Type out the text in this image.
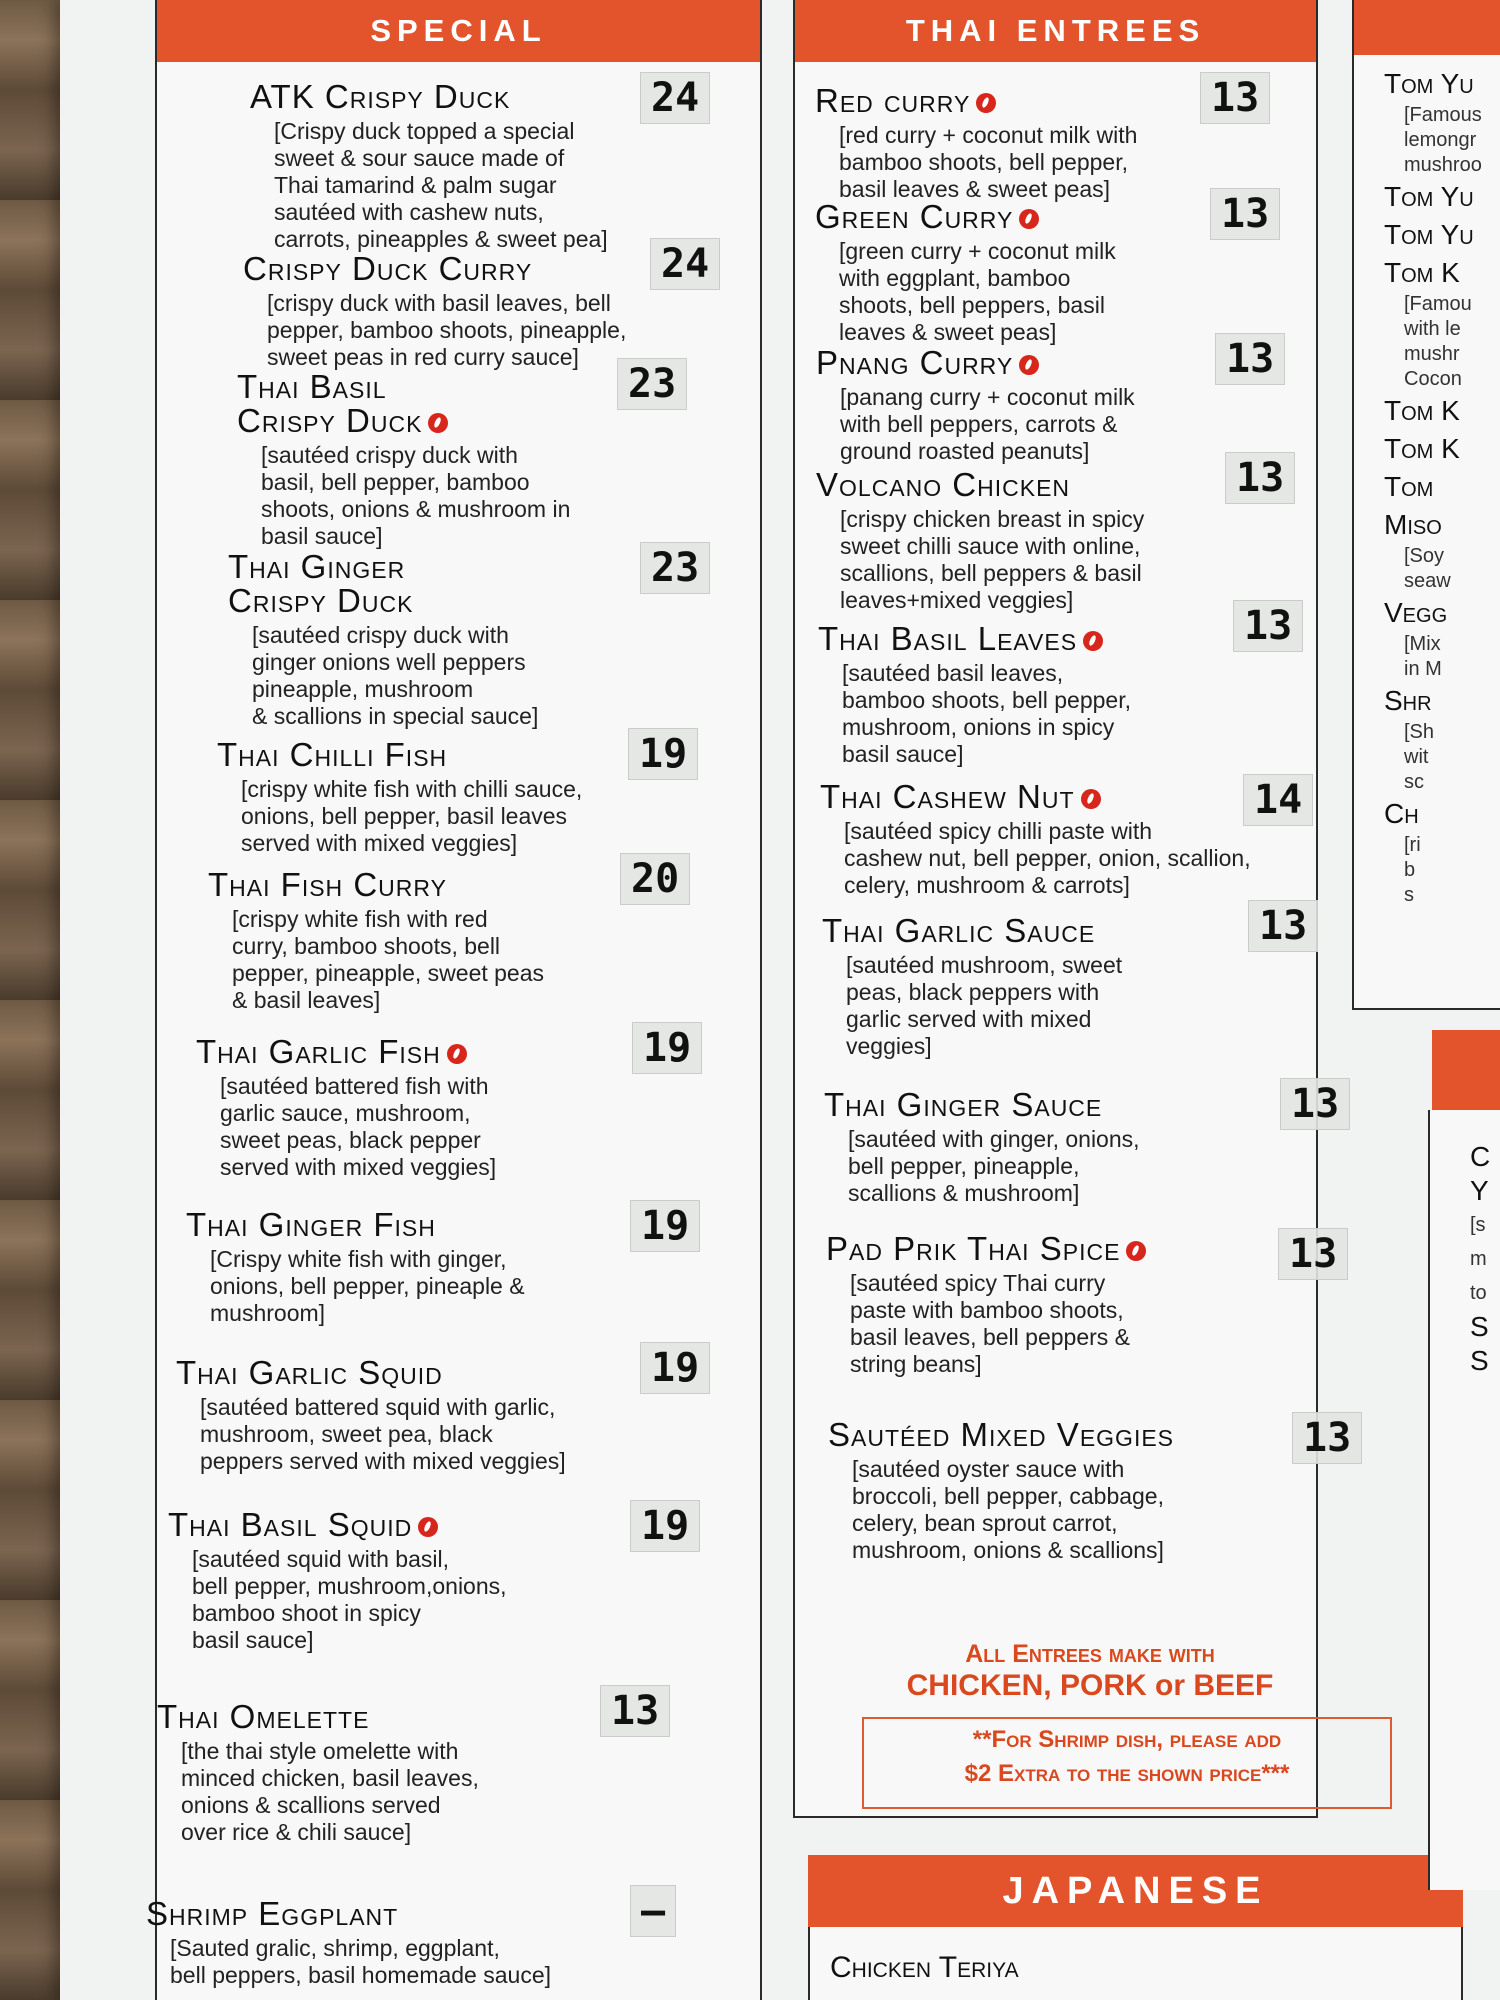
SPECIAL	THAI ENTREES
JAPANESE
Chicken Teriya
Tom Yu
[Famous
lemongr
mushroo
Tom Yu
Tom Yu
Tom K
[Famou
with le
mushr
Cocon
Tom K
Tom K
Tom
Miso
[Soy
seaw
Vegg
[Mix
in M
Shr
[Sh
wit
sc
Ch
[ri
b
s
C
Y
[s
m
to
S
S
ATK Crispy Duck
[Crispy duck topped a special
sweet & sour sauce made of
Thai tamarind & palm sugar
sautéed with cashew nuts,
carrots, pineapples & sweet pea]
24
Crispy Duck Curry
[crispy duck with basil leaves, bell
pepper, bamboo shoots, pineapple,
sweet peas in red curry sauce]
24
Thai Basil
Crispy Duck
[sautéed crispy duck with
basil, bell pepper, bamboo
shoots, onions & mushroom in
basil sauce]
23
Thai Ginger
Crispy Duck
[sautéed crispy duck with
ginger onions well peppers
pineapple, mushroom
& scallions in special sauce]
23
Thai Chilli Fish
[crispy white fish with chilli sauce,
onions, bell pepper, basil leaves
served with mixed veggies]
19
Thai Fish Curry
[crispy white fish with red
curry, bamboo shoots, bell
pepper, pineapple, sweet peas
& basil leaves]
20
Thai Garlic Fish
[sautéed battered fish with
garlic sauce, mushroom,
sweet peas, black pepper
served with mixed veggies]
19
Thai Ginger Fish
[Crispy white fish with ginger,
onions, bell pepper, pineaple &
mushroom]
19
Thai Garlic Squid
[sautéed battered squid with garlic,
mushroom, sweet pea, black
peppers served with mixed veggies]
19
Thai Basil Squid
[sautéed squid with basil,
bell pepper, mushroom,onions,
bamboo shoot in spicy
basil sauce]
19
Thai Omelette
[the thai style omelette with
minced chicken, basil leaves,
onions & scallions served
over rice & chili sauce]
13
Shrimp Eggplant
[Sauted gralic, shrimp, eggplant,
bell peppers, basil homemade sauce]
—
Red curry
[red curry + coconut milk with
bamboo shoots, bell pepper,
basil leaves & sweet peas]
13
Green Curry
[green curry + coconut milk
with eggplant, bamboo
shoots, bell peppers, basil
leaves & sweet peas]
13
Pnang Curry
[panang curry + coconut milk
with bell peppers, carrots &
ground roasted peanuts]
13
Volcano Chicken
[crispy chicken breast in spicy
sweet chilli sauce with online,
scallions, bell peppers & basil
leaves+mixed veggies]
13
Thai Basil Leaves
[sautéed basil leaves,
bamboo shoots, bell pepper,
mushroom, onions in spicy
basil sauce]
13
Thai Cashew Nut
[sautéed spicy chilli paste with
cashew nut, bell pepper, onion, scallion,
celery, mushroom & carrots]
14
Thai Garlic Sauce
[sautéed mushroom, sweet
peas, black peppers with
garlic served with mixed
veggies]
13
Thai Ginger Sauce
[sautéed with ginger, onions,
bell pepper, pineapple,
scallions & mushroom]
13
Pad Prik Thai Spice
[sautéed spicy Thai curry
paste with bamboo shoots,
basil leaves, bell peppers &
string beans]
13
Sautéed Mixed Veggies
[sautéed oyster sauce with
broccoli, bell pepper, cabbage,
celery, bean sprout carrot,
mushroom, onions & scallions]
13
All Entrees make with
CHICKEN, PORK or BEEF
**For Shrimp dish, please add
$2 Extra to the shown price***
